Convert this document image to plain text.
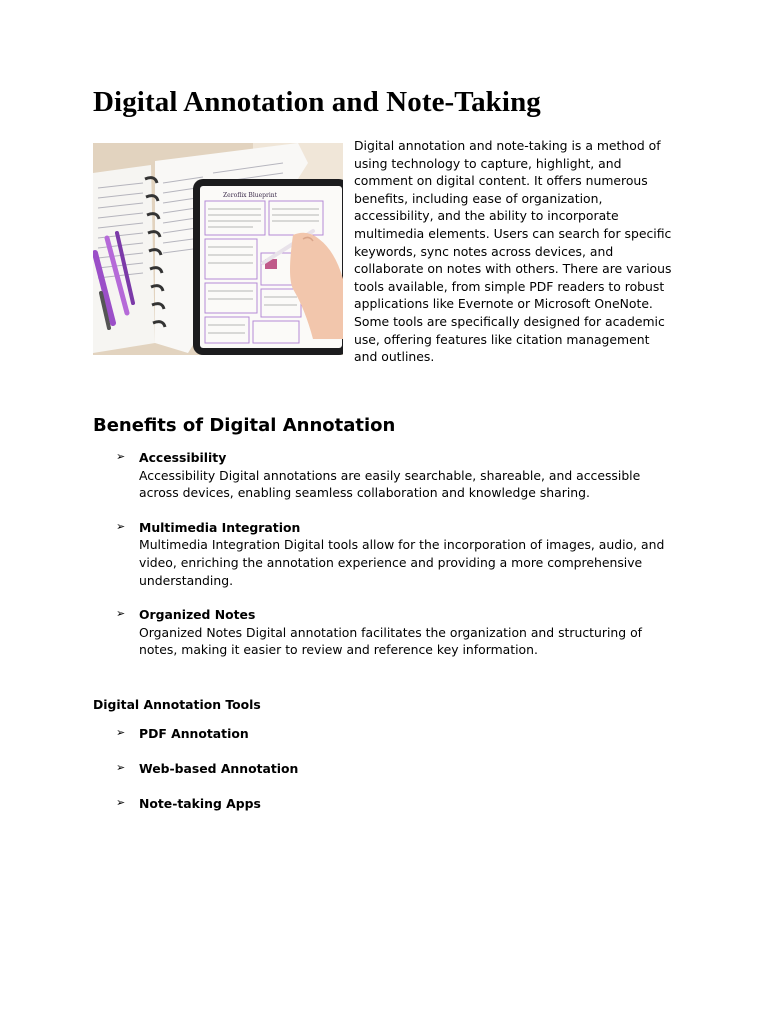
Digital Annotation and Note-Taking
Zeroflix Blueprint

Digital annotation and note-taking is a method of using technology to capture, highlight, and comment on digital content. It offers numerous benefits, including ease of organization, accessibility, and the ability to incorporate multimedia elements. Users can search for specific keywords, sync notes across devices, and collaborate on notes with others. There are various tools available, from simple PDF readers to robust applications like Evernote or Microsoft OneNote. Some tools are specifically designed for academic use, offering features like citation management and outlines.

Benefits of Digital Annotation
➢ Accessibility
Accessibility Digital annotations are easily searchable, shareable, and accessible across devices, enabling seamless collaboration and knowledge sharing.
➢ Multimedia Integration
Multimedia Integration Digital tools allow for the incorporation of images, audio, and video, enriching the annotation experience and providing a more comprehensive understanding.
➢ Organized Notes
Organized Notes Digital annotation facilitates the organization and structuring of notes, making it easier to review and reference key information.
Digital Annotation Tools
➢ PDF Annotation
➢ Web-based Annotation
➢ Note-taking Apps
